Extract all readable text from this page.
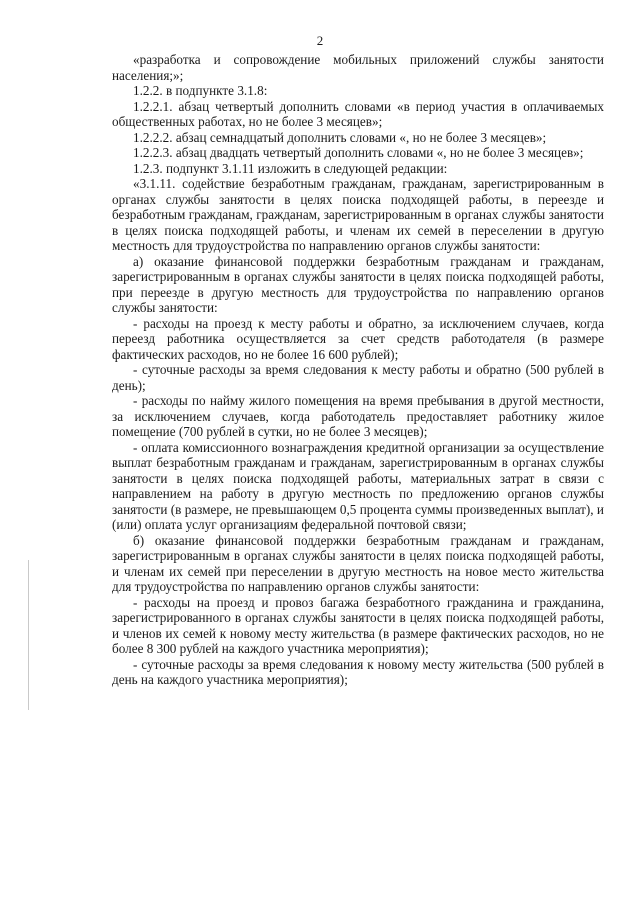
2

«разработка и сопровождение мобильных приложений службы занятости населения;»;

1.2.2. в подпункте 3.1.8:

1.2.2.1. абзац четвертый дополнить словами «в период участия в оплачиваемых общественных работах, но не более 3 месяцев»;

1.2.2.2. абзац семнадцатый дополнить словами «, но не более 3 месяцев»;

1.2.2.3. абзац двадцать четвертый дополнить словами «, но не более 3 месяцев»;

1.2.3. подпункт 3.1.11 изложить в следующей редакции:

«3.1.11. содействие безработным гражданам, гражданам, зарегистрированным в органах службы занятости в целях поиска подходящей работы, в переезде и безработным гражданам, гражданам, зарегистрированным в органах службы занятости в целях поиска подходящей работы, и членам их семей в переселении в другую местность для трудоустройства по направлению органов службы занятости:

а) оказание финансовой поддержки безработным гражданам и гражданам, зарегистрированным в органах службы занятости в целях поиска подходящей работы, при переезде в другую местность для трудоустройства по направлению органов службы занятости:

- расходы на проезд к месту работы и обратно, за исключением случаев, когда переезд работника осуществляется за счет средств работодателя (в размере фактических расходов, но не более 16 600 рублей);

- суточные расходы за время следования к месту работы и обратно (500 рублей в день);

- расходы по найму жилого помещения на время пребывания в другой местности, за исключением случаев, когда работодатель предоставляет работнику жилое помещение (700 рублей в сутки, но не более 3 месяцев);

- оплата комиссионного вознаграждения кредитной организации за осуществление выплат безработным гражданам и гражданам, зарегистрированным в органах службы занятости в целях поиска подходящей работы, материальных затрат в связи с направлением на работу в другую местность по предложению органов службы занятости (в размере, не превышающем 0,5 процента суммы произведенных выплат), и (или) оплата услуг организациям федеральной почтовой связи;

б) оказание финансовой поддержки безработным гражданам и гражданам, зарегистрированным в органах службы занятости в целях поиска подходящей работы, и членам их семей при переселении в другую местность на новое место жительства для трудоустройства по направлению органов службы занятости:

- расходы на проезд и провоз багажа безработного гражданина и гражданина, зарегистрированного в органах службы занятости в целях поиска подходящей работы, и членов их семей к новому месту жительства (в размере фактических расходов, но не более 8 300 рублей на каждого участника мероприятия);

- суточные расходы за время следования к новому месту жительства (500 рублей в день на каждого участника мероприятия);
